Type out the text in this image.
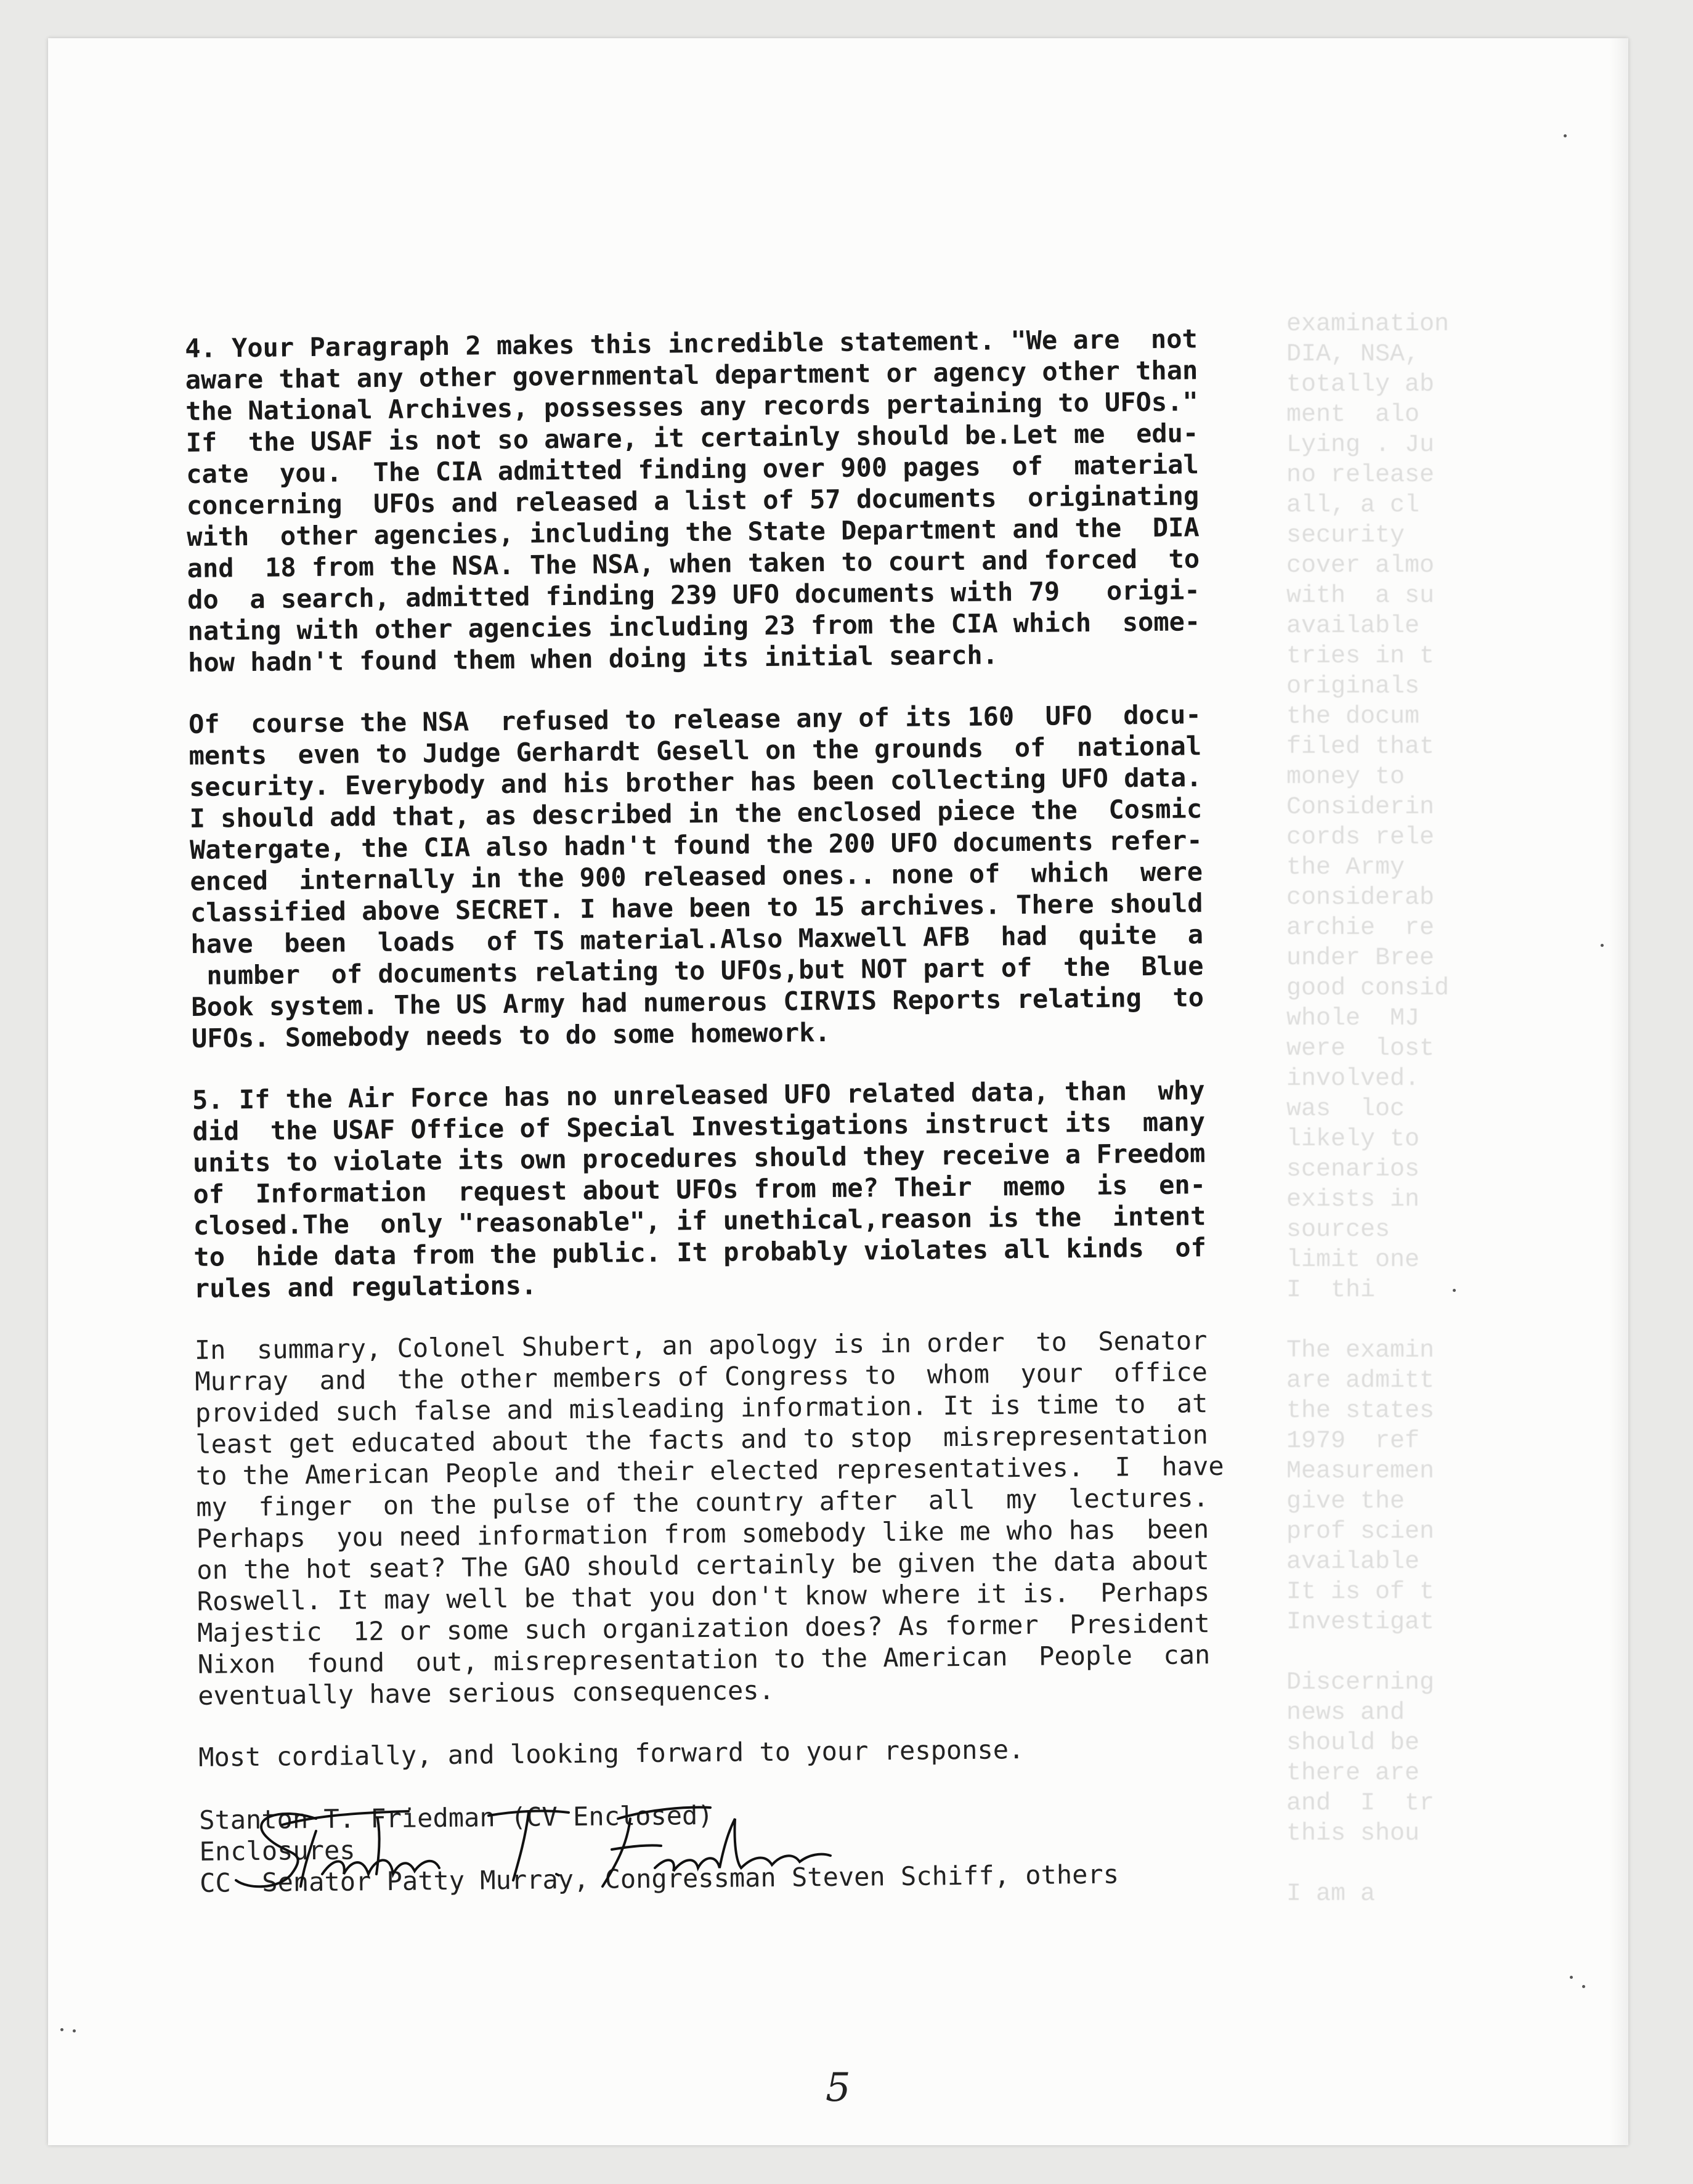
examination
DIA, NSA,
totally ab
ment  alo
Lying . Ju
no release
all, a cl
security
cover almo
with  a su
available
tries in t
originals
the docum
filed that
money to
Considerin
cords rele
the Army
considerab
archie  re
under Bree
good consid
whole  MJ
were  lost
involved.
was  loc
likely to
scenarios
exists in
sources
limit one
I  thi
The examin
are admitt
the states
1979  ref
Measuremen
give the
prof scien
available
It is of t
Investigat
Discerning
news and
should be
there are
and  I  tr
this shou
I am a
4. Your Paragraph 2 makes this incredible statement. "We are  not
aware that any other governmental department or agency other than
the National Archives, possesses any records pertaining to UFOs."
If  the USAF is not so aware, it certainly should be.Let me  edu-
cate  you.  The CIA admitted finding over 900 pages  of  material
concerning  UFOs and released a list of 57 documents  originating
with  other agencies, including the State Department and the  DIA
and  18 from the NSA. The NSA, when taken to court and forced  to
do  a search, admitted finding 239 UFO documents with 79   origi-
nating with other agencies including 23 from the CIA which  some-
how hadn't found them when doing its initial search.
Of  course the NSA  refused to release any of its 160  UFO  docu-
ments  even to Judge Gerhardt Gesell on the grounds  of  national
security. Everybody and his brother has been collecting UFO data.
I should add that, as described in the enclosed piece the  Cosmic
Watergate, the CIA also hadn't found the 200 UFO documents refer-
enced  internally in the 900 released ones.. none of  which  were
classified above SECRET. I have been to 15 archives. There should
have  been  loads  of TS material.Also Maxwell AFB  had  quite  a
number  of documents relating to UFOs,but NOT part of  the  Blue
Book system. The US Army had numerous CIRVIS Reports relating  to
UFOs. Somebody needs to do some homework.
5. If the Air Force has no unreleased UFO related data, than  why
did  the USAF Office of Special Investigations instruct its  many
units to violate its own procedures should they receive a Freedom
of  Information  request about UFOs from me? Their  memo  is  en-
closed.The  only "reasonable", if unethical,reason is the  intent
to  hide data from the public. It probably violates all kinds  of
rules and regulations.
In  summary, Colonel Shubert, an apology is in order  to  Senator
Murray  and  the other members of Congress to  whom  your  office
provided such false and misleading information. It is time to  at
least get educated about the facts and to stop  misrepresentation
to the American People and their elected representatives.  I  have
my  finger  on the pulse of the country after  all  my  lectures.
Perhaps  you need information from somebody like me who has  been
on the hot seat? The GAO should certainly be given the data about
Roswell. It may well be that you don't know where it is.  Perhaps
Majestic  12 or some such organization does? As former  President
Nixon  found  out, misrepresentation to the American  People  can
eventually have serious consequences.
Most cordially, and looking forward to your response.
Stanton T. Friedman (CV Enclosed)
Enclosures
CC  Senator Patty Murray, Congressman Steven Schiff, others
5
